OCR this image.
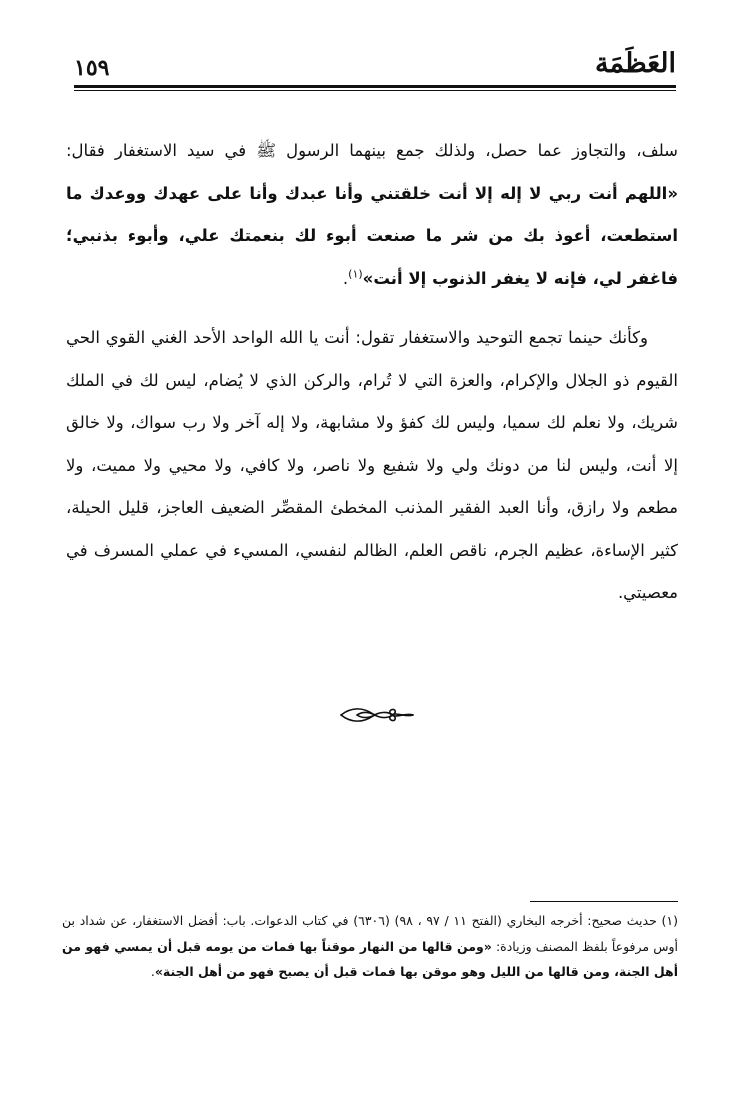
العَظَمَة
١٥٩

سلف، والتجاوز عما حصل، ولذلك جمع بينهما الرسول ﷺ في سيد الاستغفار فقال: «اللهم أنت ربي لا إله إلا أنت خلقتني وأنا عبدك وأنا على عهدك ووعدك ما استطعت، أعوذ بك من شر ما صنعت أبوء لك بنعمتك علي، وأبوء بذنبي؛ فاغفر لي، فإنه لا يغفر الذنوب إلا أنت»$^{(١)}$.

وكأنك حينما تجمع التوحيد والاستغفار تقول: أنت يا الله الواحد الأحد الغني القوي الحي القيوم ذو الجلال والإكرام، والعزة التي لا تُرام، والركن الذي لا يُضام، ليس لك في الملك شريك، ولا نعلم لك سميا، وليس لك كفؤ ولا مشابهة، ولا إله آخر ولا رب سواك، ولا خالق إلا أنت، وليس لنا من دونك ولي ولا شفيع ولا ناصر، ولا كافي، ولا محيي ولا مميت، ولا مطعم ولا رازق، وأنا العبد الفقير المذنب المخطئ المقصِّر الضعيف العاجز، قليل الحيلة، كثير الإساءة، عظيم الجرم، ناقص العلم، الظالم لنفسي، المسيء في عملي المسرف في معصيتي.

(١) حديث صحيح: أخرجه البخاري (الفتح ١١ / ٩٧ ، ٩٨) (٦٣٠٦) في كتاب الدعوات. باب: أفضل الاستغفار، عن شداد بن أوس مرفوعاً بلفظ المصنف وزيادة: «ومن قالها من النهار موقناً بها فمات من يومه قبل أن يمسي فهو من أهل الجنة، ومن قالها من الليل وهو موقن بها فمات قبل أن يصبح فهو من أهل الجنة».
